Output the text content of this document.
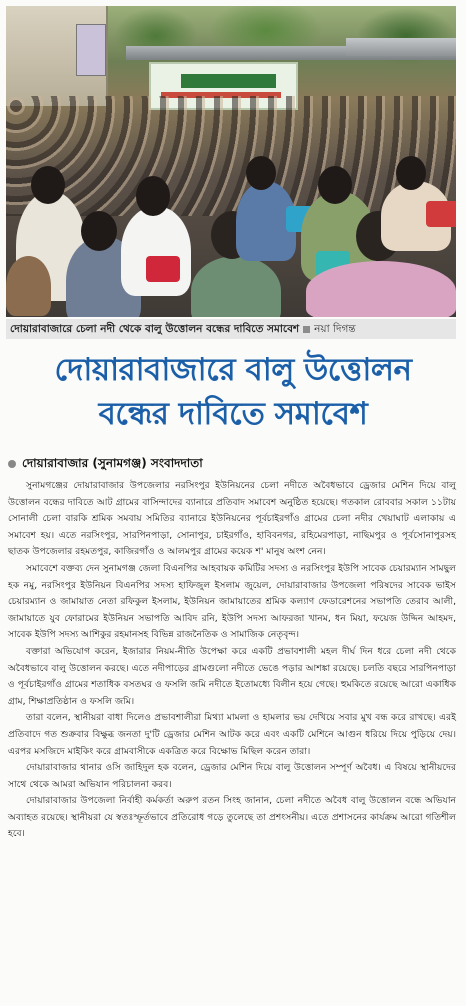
দোয়ারাবাজারে চেলা নদী থেকে বালু উত্তোলন বন্ধের দাবিতে সমাবেশ নয়া দিগন্ত
দোয়ারাবাজারে বালু উত্তোলন
বন্ধের দাবিতে সমাবেশ
দোয়ারাবাজার (সুনামগঞ্জ) সংবাদদাতা

সুনামগঞ্জের দোয়ারাবাজার উপজেলার নরসিংপুর ইউনিয়নের চেলা নদীতে অবৈধভাবে ড্রেজার মেশিন দিয়ে বালু উত্তোলন বন্ধের দাবিতে আট গ্রামের বাসিন্দাদের ব্যানারে প্রতিবাদ সমাবেশ অনুষ্ঠিত হয়েছে। গতকাল রোববার সকাল ১১টায় সোনালী চেলা বারকি শ্রমিক সমবায় সমিতির ব্যানারে ইউনিয়নের পূর্বচাইরগাঁও গ্রামের চেলা নদীর খেয়াঘাট এলাকায় এ সমাবেশ হয়। এতে নরসিংপুর, সারপিনপাড়া, সোনাপুর, চাইরগাঁও, হাবিবনগর, রহিমেরপাড়া, নাছিমপুর ও পূর্বসোনাপুরসহ ছাতক উপজেলার রহমতপুর, কাজিরগাঁও ও আলমপুর গ্রামের কয়েক শ' মানুষ অংশ নেন।

সমাবেশে বক্তব্য দেন সুনামগঞ্জ জেলা বিএনপির আহবায়ক কমিটির সদস্য ও নরসিংপুর ইউপি সাবেক চেয়ারম্যান সামছুল হক নমু, নরসিংপুর ইউনিয়ন বিএনপির সদস্য হাফিজুল ইসলাম জুয়েল, দোয়ারাবাজার উপজেলা পরিষদের সাবেক ভাইস চেয়ারম্যান ও জামায়াত নেতা রফিকুল ইসলাম, ইউনিয়ন জামায়াতের শ্রমিক কল্যাণ ফেডারেশনের সভাপতি তেরাব আলী, জামায়াতে যুব ফোরামের ইউনিয়ন সভাপতি আবিদ রনি, ইউপি সদস্য আফরজা খানম, ধন মিয়া, ফয়েজ উদ্দিন আহমদ, সাবেক ইউপি সদস্য আশিকুর রহমানসহ বিভিন্ন রাজনৈতিক ও সামাজিক নেতৃবৃন্দ।

বক্তারা অভিযোগ করেন, ইজারার নিয়ম-নীতি উপেক্ষা করে একটি প্রভাবশালী মহল দীর্ঘ দিন ধরে চেলা নদী থেকে অবৈধভাবে বালু উত্তোলন করছে। এতে নদীপাড়ের গ্রামগুলো নদীতে ভেঙে পড়ার আশঙ্কা রয়েছে। চলতি বছরে সারপিনপাড়া ও পূর্বচাইরগাঁও গ্রামের শতাধিক বসতঘর ও ফসলি জমি নদীতে ইতোমধ্যে বিলীন হয়ে গেছে। হুমকিতে রয়েছে আরো একাধিক গ্রাম, শিক্ষাপ্রতিষ্ঠান ও ফসলি জমি।

তারা বলেন, স্থানীয়রা বাধা দিলেও প্রভাবশালীরা মিথ্যা মামলা ও হামলার ভয় দেখিয়ে সবার মুখ বন্ধ করে রাখছে। এরই প্রতিবাদে গত শুক্রবার বিক্ষুব্ধ জনতা দু'টি ড্রেজার মেশিন আটক করে এবং একটি মেশিনে আগুন ধরিয়ে দিয়ে পুড়িয়ে দেয়। এরপর মসজিদে মাইকিং করে গ্রামবাসীকে একত্রিত করে বিক্ষোভ মিছিল করেন তারা।

দোয়ারাবাজার থানার ওসি জাহিদুল হক বলেন, ড্রেজার মেশিন দিয়ে বালু উত্তোলন সম্পূর্ণ অবৈধ। এ বিষয়ে স্থানীয়দের সাথে থেকে আমরা অভিযান পরিচালনা করব।

দোয়ারাবাজার উপজেলা নির্বাহী কর্মকর্তা অরুপ রতন সিংহ জানান, চেলা নদীতে অবৈধ বালু উত্তোলন বন্ধে অভিযান অব্যাহত রয়েছে। স্থানীয়রা যে স্বতঃস্ফূর্তভাবে প্রতিরোধ গড়ে তুলেছে তা প্রশংসনীয়। এতে প্রশাসনের কার্যক্রম আরো গতিশীল হবে।
